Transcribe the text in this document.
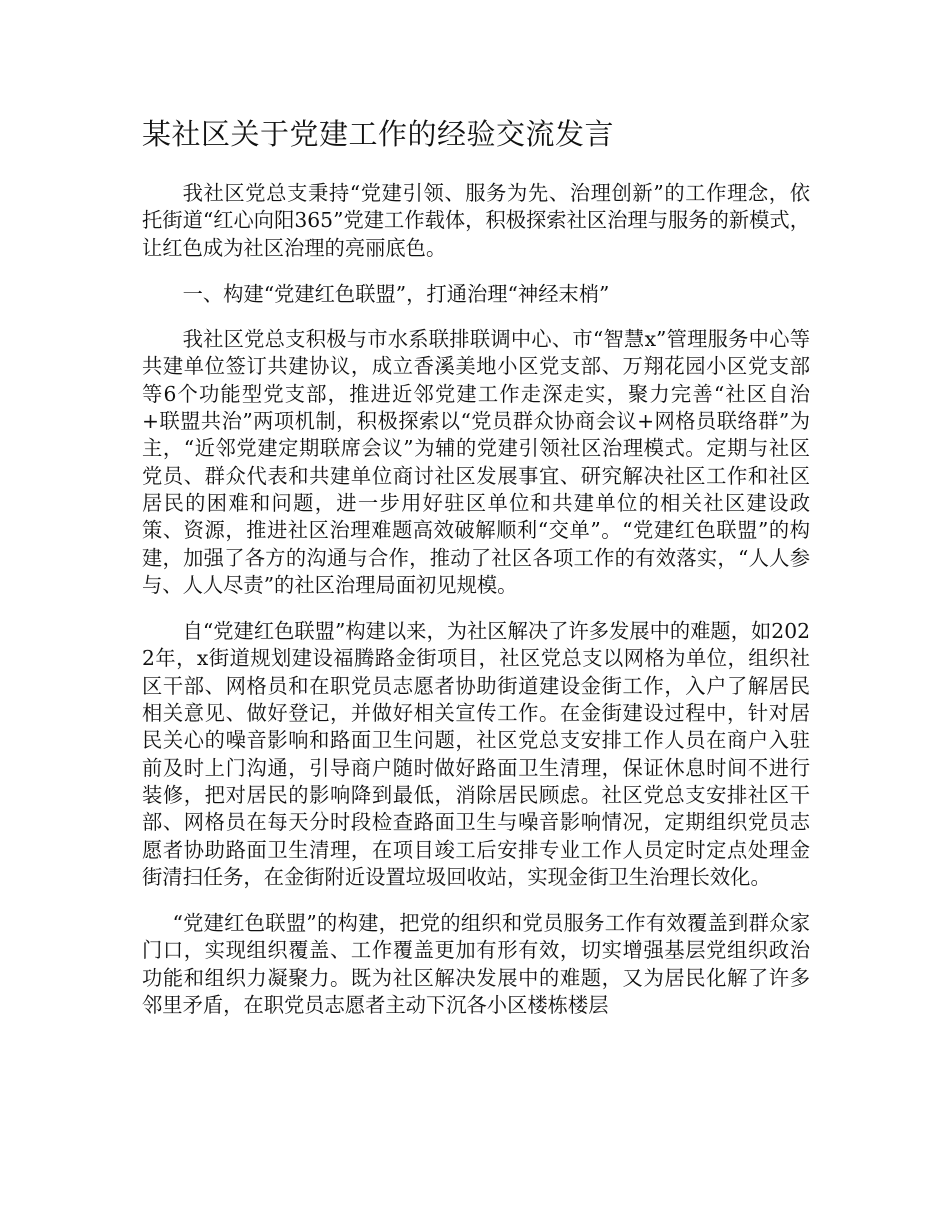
某社区关于党建工作的经验交流发言

我社区党总支秉持“党建引领、服务为先、治理创新”的工作理念，依托街道“红心向阳365”党建工作载体，积极探索社区治理与服务的新模式，让红色成为社区治理的亮丽底色。

一、构建“党建红色联盟”，打通治理“神经末梢”

我社区党总支积极与市水系联排联调中心、市“智慧x”管理服务中心等共建单位签订共建协议，成立香溪美地小区党支部、万翔花园小区党支部等6个功能型党支部，推进近邻党建工作走深走实，聚力完善“社区自治+联盟共治”两项机制，积极探索以“党员群众协商会议+网格员联络群”为主，“近邻党建定期联席会议”为辅的党建引领社区治理模式。定期与社区党员、群众代表和共建单位商讨社区发展事宜、研究解决社区工作和社区居民的困难和问题，进一步用好驻区单位和共建单位的相关社区建设政策、资源，推进社区治理难题高效破解顺利“交单”。“党建红色联盟”的构建，加强了各方的沟通与合作，推动了社区各项工作的有效落实，“人人参与、人人尽责”的社区治理局面初见规模。

自“党建红色联盟”构建以来，为社区解决了许多发展中的难题，如2022年，x街道规划建设福腾路金街项目，社区党总支以网格为单位，组织社区干部、网格员和在职党员志愿者协助街道建设金街工作，入户了解居民相关意见、做好登记，并做好相关宣传工作。在金街建设过程中，针对居民关心的噪音影响和路面卫生问题，社区党总支安排工作人员在商户入驻前及时上门沟通，引导商户随时做好路面卫生清理，保证休息时间不进行装修，把对居民的影响降到最低，消除居民顾虑。社区党总支安排社区干部、网格员在每天分时段检查路面卫生与噪音影响情况，定期组织党员志愿者协助路面卫生清理，在项目竣工后安排专业工作人员定时定点处理金街清扫任务，在金街附近设置垃圾回收站，实现金街卫生治理长效化。

“党建红色联盟”的构建，把党的组织和党员服务工作有效覆盖到群众家门口，实现组织覆盖、工作覆盖更加有形有效，切实增强基层党组织政治功能和组织力凝聚力。既为社区解决发展中的难题，又为居民化解了许多邻里矛盾，在职党员志愿者主动下沉各小区楼栋楼层
